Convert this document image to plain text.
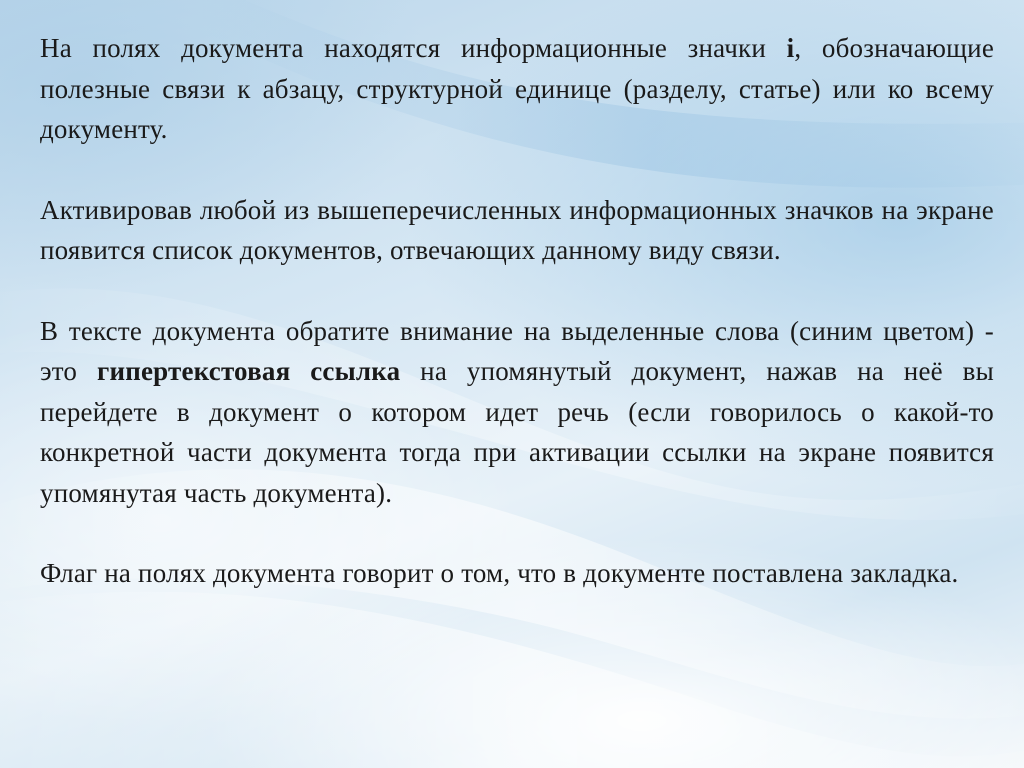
На полях документа находятся информационные значки i, обозначающие полезные связи к абзацу, структурной единице (разделу, статье) или ко всему документу.

Активировав любой из вышеперечисленных информационных значков на экране появится список документов, отвечающих данному виду связи.

В тексте документа обратите внимание на выделенные слова (синим цветом) - это гипертекстовая ссылка на упомянутый документ, нажав на неё вы перейдете в документ о котором идет речь (если говорилось о какой-то конкретной части документа тогда при активации ссылки на экране появится упомянутая часть документа).

Флаг на полях документа говорит о том, что в документе поставлена закладка.
